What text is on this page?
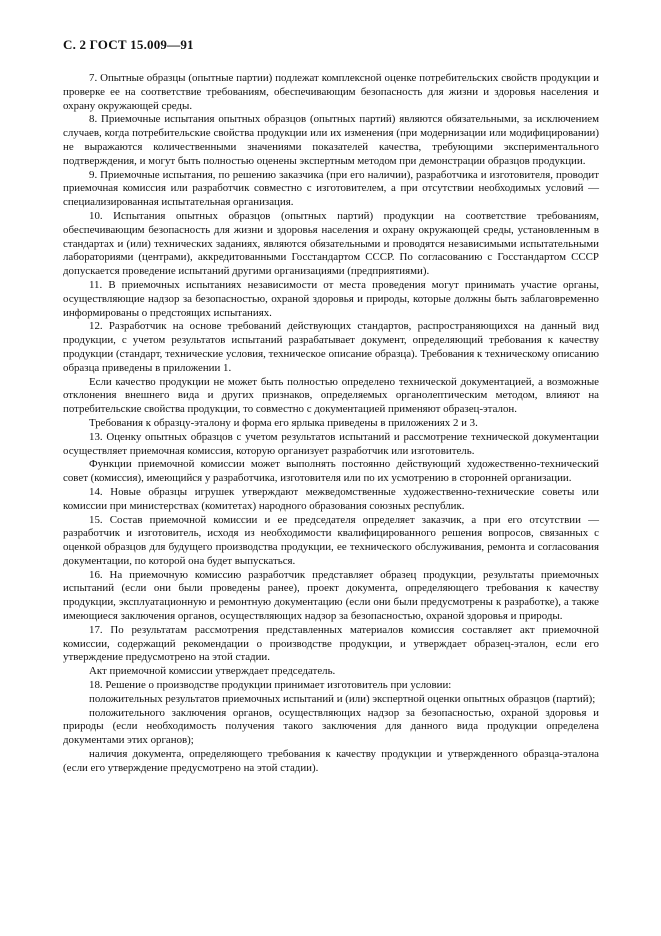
С. 2 ГОСТ 15.009—91

7. Опытные образцы (опытные партии) подлежат комплексной оценке потребительских свойств продукции и проверке ее на соответствие требованиям, обеспечивающим безопасность для жизни и здоровья населения и охрану окружающей среды.

8. Приемочные испытания опытных образцов (опытных партий) являются обязательными, за исключением случаев, когда потребительские свойства продукции или их изменения (при модернизации или модифицировании) не выражаются количественными значениями показателей качества, требующими экспериментального подтверждения, и могут быть полностью оценены экспертным методом при демонстрации образцов продукции.

9. Приемочные испытания, по решению заказчика (при его наличии), разработчика и изготовителя, проводит приемочная комиссия или разработчик совместно с изготовителем, а при отсутствии необходимых условий — специализированная испытательная организация.

10. Испытания опытных образцов (опытных партий) продукции на соответствие требованиям, обеспечивающим безопасность для жизни и здоровья населения и охрану окружающей среды, установленным в стандартах и (или) технических заданиях, являются обязательными и проводятся независимыми испытательными лабораториями (центрами), аккредитованными Госстандартом СССР. По согласованию с Госстандартом СССР допускается проведение испытаний другими организациями (предприятиями).

11. В приемочных испытаниях независимости от места проведения могут принимать участие органы, осуществляющие надзор за безопасностью, охраной здоровья и природы, которые должны быть заблаговременно информированы о предстоящих испытаниях.

12. Разработчик на основе требований действующих стандартов, распространяющихся на данный вид продукции, с учетом результатов испытаний разрабатывает документ, определяющий требования к качеству продукции (стандарт, технические условия, техническое описание образца). Требования к техническому описанию образца приведены в приложении 1.

Если качество продукции не может быть полностью определено технической документацией, а возможные отклонения внешнего вида и других признаков, определяемых органолептическим методом, влияют на потребительские свойства продукции, то совместно с документацией применяют образец-эталон.

Требования к образцу-эталону и форма его ярлыка приведены в приложениях 2 и 3.

13. Оценку опытных образцов с учетом результатов испытаний и рассмотрение технической документации осуществляет приемочная комиссия, которую организует разработчик или изготовитель.

Функции приемочной комиссии может выполнять постоянно действующий художественно-технический совет (комиссия), имеющийся у разработчика, изготовителя или по их усмотрению в сторонней организации.

14. Новые образцы игрушек утверждают межведомственные художественно-технические советы или комиссии при министерствах (комитетах) народного образования союзных республик.

15. Состав приемочной комиссии и ее председателя определяет заказчик, а при его отсутствии — разработчик и изготовитель, исходя из необходимости квалифицированного решения вопросов, связанных с оценкой образцов для будущего производства продукции, ее технического обслуживания, ремонта и согласования документации, по которой она будет выпускаться.

16. На приемочную комиссию разработчик представляет образец продукции, результаты приемочных испытаний (если они были проведены ранее), проект документа, определяющего требования к качеству продукции, эксплуатационную и ремонтную документацию (если они были предусмотрены к разработке), а также имеющиеся заключения органов, осуществляющих надзор за безопасностью, охраной здоровья и природы.

17. По результатам рассмотрения представленных материалов комиссия составляет акт приемочной комиссии, содержащий рекомендации о производстве продукции, и утверждает образец-эталон, если его утверждение предусмотрено на этой стадии.

Акт приемочной комиссии утверждает председатель.

18. Решение о производстве продукции принимает изготовитель при условии:

положительных результатов приемочных испытаний и (или) экспертной оценки опытных образцов (партий);

положительного заключения органов, осуществляющих надзор за безопасностью, охраной здоровья и природы (если необходимость получения такого заключения для данного вида продукции определена документами этих органов);

наличия документа, определяющего требования к качеству продукции и утвержденного образца-эталона (если его утверждение предусмотрено на этой стадии).
